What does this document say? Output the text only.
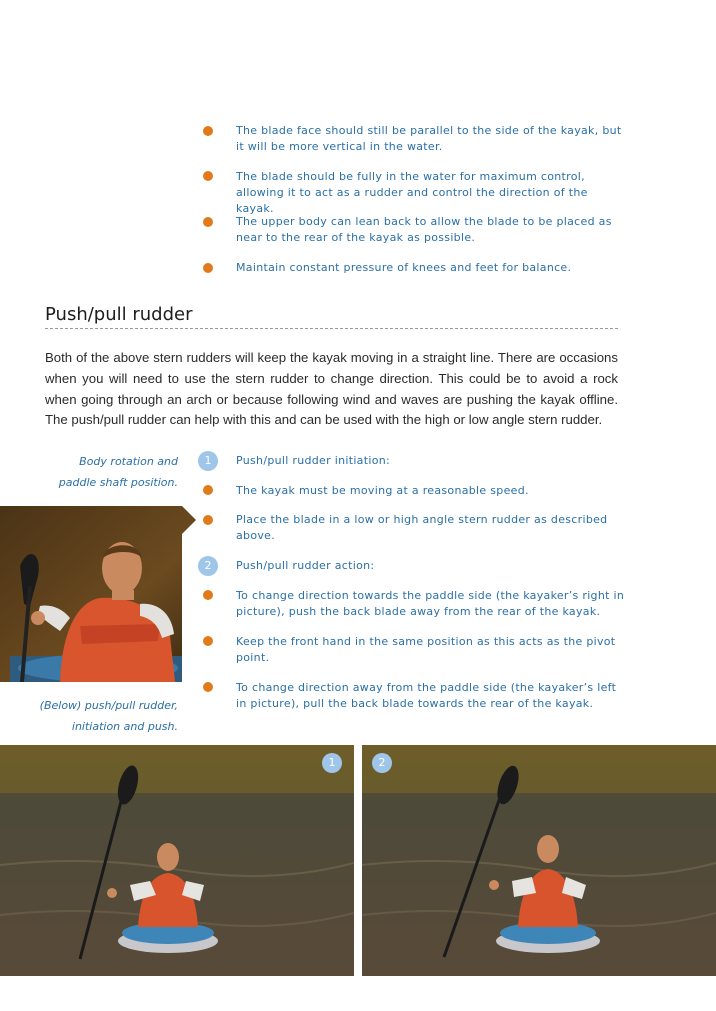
The blade face should still be parallel to the side of the kayak, but it will be more vertical in the water.

The blade should be fully in the water for maximum control, allowing it to act as a rudder and control the direction of the kayak.

The upper body can lean back to allow the blade to be placed as near to the rear of the kayak as possible.

Maintain constant pressure of knees and feet for balance.

Push/pull rudder

Both of the above stern rudders will keep the kayak moving in a straight line. There are occasions when you will need to use the stern rudder to change direction. This could be to avoid a rock when going through an arch or because following wind and waves are pushing the kayak offline. The push/pull rudder can help with this and can be used with the high or low angle stern rudder.

Body rotation and
paddle shaft position.

1	Push/pull rudder initiation:

The kayak must be moving at a reasonable speed.

Place the blade in a low or high angle stern rudder as described above.

2	Push/pull rudder action:

To change direction towards the paddle side (the kayaker’s right in picture), push the back blade away from the rear of the kayak.

Keep the front hand in the same position as this acts as the pivot point.

To change direction away from the paddle side (the kayaker’s left in picture), pull the back blade towards the rear of the kayak.

(Below) push/pull rudder,
initiation and push.

1	2
